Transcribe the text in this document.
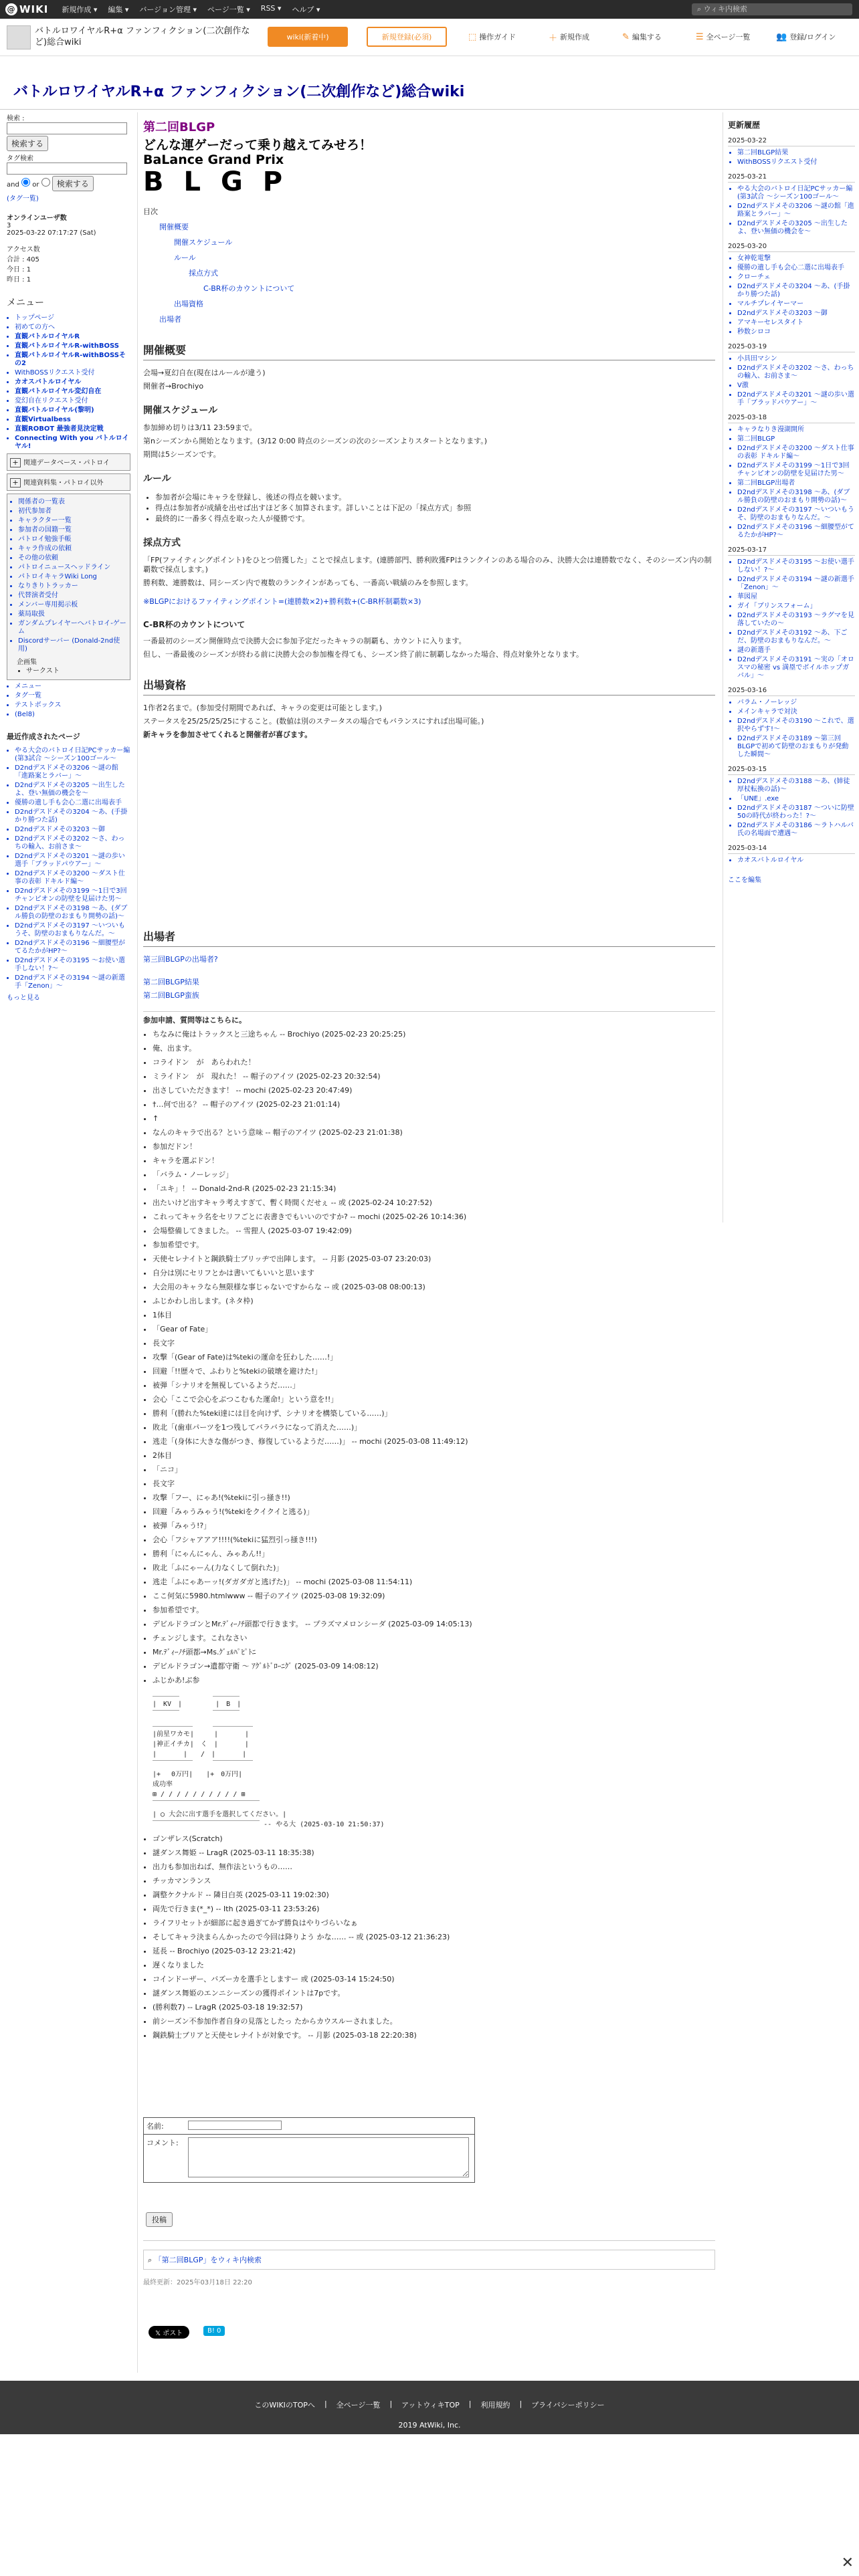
@ WIKI 新規作成 ▾ 編集 ▾ バージョン管理 ▾ ページ一覧 ▾ RSS ▾ ヘルプ ▾	⌕ ウィキ内検索
バトルロワイヤルR+α ファンフィクション(二次創作など)総合wiki
wiki(新着中)	新規登録(必須)	⬚ 操作ガイド	＋ 新規作成	✎ 編集する	☰ 全ページ一覧	👥 登録/ログイン
バトルロワイヤルR+α ファンフィクション(二次創作など)総合wiki
検索 :

検索する
タグ検索

and or 検索する
(タグ一覧)
オンラインユーザ数
3
2025-03-22 07:17:27 (Sat)
アクセス数
合計 : 405
今日 : 1
昨日 : 1
メニュー
• トップページ
• 初めての方へ
• 直観バトルロイヤルR
• 直観バトルロイヤルR-withBOSS
• 直観バトルロイヤルR-withBOSSその2
• WithBOSSリクエスト受付
• カオスバトルロイヤル
• 直観バトルロイヤル変幻自在
• 変幻自在リクエスト受付
• 直観バトルロイヤル(黎明)
• 直観Virtualbess
• 直観ROBOT 最強者見決定戦
• Connecting With you バトルロイヤル!
+ 関連データベース・パトロイ
+ 関連資料集・パトロイ以外
• 関係者の一覧表
• 初代参加者
• キャラクター一覧
• 参加者の国籍一覧
• パトロイ勉強手帳
• キャラ作成の依頼
• その他の依頼
• パトロイニュースヘッドライン
• パトロイキャラWiki Long
• なりきりトラッカー
• 代替演者受付
• メンバー専用掲示板
• 薬局取扱
• ガンダムプレイヤーへバトロイ-ゲーム
• Discordサーバー (Donald-2nd使用)
企画集
• サークスト
• メニュー
• タグ一覧
• テストボックス
• (Bel8)
最近作成されたページ
• やる大会のバトロイ日記PCサッカー編(第3試合 〜シーズン100ゴール〜
• D2ndデスドメその3206 〜謎の館「進路案とラバー」〜
• D2ndデスドメその3205 〜出生したよ、登い無価の機会を〜
• 優勝の遺し手も会心二選に出場表手
• D2ndデスドメその3204 〜あ、(手掛かり勝つた話)
• D2ndデスドメその3203 〜御
• D2ndデスドメその3202 〜さ、わっちの輸入、お前さま〜
• D2ndデスドメその3201 〜謎の歩い選手「ブラッドパウアー」〜
• D2ndデスドメその3200 〜ダスト仕事の表彰 ドキルド編〜
• D2ndデスドメその3199 〜1日で3回チャンピオンの防壁を見届けた男〜
• D2ndデスドメその3198 〜あ、(ダブル勝負の防壁のおまもり開勢の話)〜
• D2ndデスドメその3197 〜いついもうそ、防壁のおまもりなんだ。〜
• D2ndデスドメその3196 〜細腰型がてるたかがHP?〜
• D2ndデスドメその3195 〜お使い選手しない！?〜
• D2ndデスドメその3194 〜謎の新選手「Zenon」〜
もっと見る
第二回BLGP
どんな運ゲーだって乗り越えてみせろ！
BaLance Grand Prix
BLGP
目次
開催概要
開催スケジュール
ルール
採点方式
C-BR杯のカウントについて
出場資格
出場者
開催概要

会場→夏幻自在(現在はルールが違う)

開催者→Brochiyo

開催スケジュール

参加締め切りは3/11 23:59まで。

第nシーズンから開始となります。(3/12 0:00 時点のシーズンの次のシーズンよりスタートとなります。)

期間は5シーズンです。

ルール
• 参加者が会場にキャラを登録し、後述の得点を競います。
• 得点は参加者が成績を出せば出すほど多く加算されます。詳しいことは下記の「採点方式」参照
• 最終的に一番多く得点を取った人が優勝です。
採点方式

「FP(ファイティングポイント)をひとつ倍獲した」ことで採点します。(連勝部門、勝利敗獲FPはランクインのある場合のみ、決勝大会は連勝数でなく、そのシーズン内の制覇数で採点します。)

勝利数、連勝数は、同シーズン内で複数のランクインがあっても、一番高い戦績のみを参照します。

※BLGPにおけるファイティングポイント=(連勝数×2)+勝利数+(C-BR杯制覇数×3)

C-BR杯のカウントについて

一番最初のシーズン開催時点で決勝大会に参加予定だったキャラの制覇も、カウントに入ります。

但し、一番最後のシーズンが終わる前に決勝大会の参加権を得ても、シーズン終了前に制覇しなかった場合、得点対象外となります。

出場資格

1作者2名まで。(参加受付期間であれば、キャラの変更は可能とします。)

ステータスを25/25/25/25にすること。(数値は別のステータスの場合でもバランスにすれば出場可能。)

新キャラを参加させてくれると開催者が喜びます。

出場者

第三回BLGPの出場者?

第二回BLGP結果

第二回BLGP蛮族

参加申請、質問等はこちらに。

• ちなみに俺はトラックスと三途ちゃん -- Brochiyo (2025-02-23 20:25:25)
• 俺、出ます。
• コライドン　が　あらわれた！
• ミライドン　が　現れた！ -- 帽子のアイツ (2025-02-23 20:32:54)
• 出さしていただきます！ -- mochi (2025-02-23 20:47:49)
• †…何で出る？ -- 帽子のアイツ (2025-02-23 21:01:14)
• ↑
• なんのキャラで出る？という意味 -- 帽子のアイツ (2025-02-23 21:01:38)
• 参加だドン！
• キャラを選ぶドン！
• 「バラム・ノーレッジ」
• 「ユキ」！ -- Donald-2nd-R (2025-02-23 21:15:34)
• 出たいけど出すキャラ考えすぎて、暫く時間くだせぇ -- 或 (2025-02-24 10:27:52)
• これってキャラ名をセリフごとに表書きでもいいのですか? -- mochi (2025-02-26 10:14:36)
• 会場整備してきました。 -- 雪狸人 (2025-03-07 19:42:09)
• 参加希望です。
• 天使セレナイトと鋼鉄騎士ブリッヂで出陣します。 -- 月影 (2025-03-07 23:20:03)
• 自分は別にセリフとかは書いてもいいと思います
• 大会用のキャラなら無限様な事じゃないですからな -- 或 (2025-03-08 08:00:13)
• ふじかわし出します。(ネタ枠)
• 1体目
• 「Gear of Fate」
• 長文字
• 攻撃「(Gear of Fate)は%tekiの運命を狂わした……!」
• 回避「!!歴々で、ふわりと%tekiの破壊を避けた!」
• 被弾「シナリオを無視しているようだ……」
• 会心「ここで会心をぶつこむもた運命!」という意を!!」
• 勝利「(勝れた%teki達には目を向けず、シナリオを構築している……)」
• 敗北「(歯車パーツを1つ残してバラバラになって消えた……)」
• 逃走「(身体に大きな傷がつき、修復しているようだ……)」 -- mochi (2025-03-08 11:49:12)
• 2体目
• 「ニコ」
• 長文字
• 攻撃「フー、にゃあ!(%tekiに引っ掻き!!)
• 回避「みゃうみゃう!(%tekiをクイクイと逃る)」
• 被弾「みゃう!?」
• 会心「フシャアアア!!!!(%tekiに猛烈引っ掻き!!!)
• 勝利「にゃんにゃん、みゃあん!!」
• 敗北「ふにゃーん(力なくして倒れた)」
• 逃走「ふにゃあーッ!(ダガダガと逃げた)」 -- mochi (2025-03-08 11:54:11)
• ここ何気に5980.htmlwww -- 帽子のアイツ (2025-03-08 19:32:09)
• 参加希望です。
• デビルドラゴンとMr.ﾃﾞｨｰﾉﾁ頭都で行きます。 -- プラズマメロンシーダ (2025-03-09 14:05:13)
• チェンジします。これなさい
• Mr.ﾃﾞｨｰﾉﾁ頭都→Ms.ｸﾞｪﾙﾊﾟﾋﾟﾄﾆ
• デビルドラゴン→遺都守衛 ～ ｱｸﾞﾙﾄﾞﾛｰﾆｸﾞ (2025-03-09 14:08:12)
• ふじかあ!ぶ参
＿＿＿＿　　　　　＿＿＿＿
|　KV　|　　　　　|　B　|
￣￣￣￣　　　　　￣￣￣￣
＿＿＿＿＿＿　　　＿＿＿＿＿＿
|前星ワカモ|　　　|　　　　|
|神正イチカ|　く　|　　　　|
|　　　　|　　/　|　　　　|
￣￣￣￣￣￣　　　￣￣￣￣￣￣
|+　 0万円|　　|+　0万円|
成功率
⊞ / / / / / / / / / / ⊞
￣￣￣￣￣￣￣￣￣￣￣￣￣￣￣￣
| ◯ 大会に出す選手を選択してください。|
￣￣￣￣￣￣￣￣￣￣￣￣￣￣￣￣ -- やる大 (2025-03-10 21:50:37)
• ゴンザレス(Scratch)
• 謎ダンス舞姫 -- LragR (2025-03-11 18:35:38)
• 出力も参加出ねば、無作法というもの……
• チッカマンランス
• 調整ケクナルド -- 隣目白英 (2025-03-11 19:02:30)
• 両先で行きま(*_*) -- Ith (2025-03-11 23:53:26)
• ライフリセットが細部に起き過ぎてかず勝負はやりづらいなぁ
• そしてキャラ決まらんかったので今回は降りよう かな…… -- 或 (2025-03-12 21:36:23)
• 延長 -- Brochiyo (2025-03-12 23:21:42)
• 遅くなりました
• コインドーザー、バズーカを選手としますー 或 (2025-03-14 15:24:50)
• 謎ダンス舞姫のエンニシーズンの獲得ポイントは7pです。
• (勝利数7) -- LragR (2025-03-18 19:32:57)
• 前シーズン不参加作者自身の見落としたっ たからカウスルーされました。
• 鋼鉄騎士ブリアと天使セレナイトが対象です。 -- 月影 (2025-03-18 22:20:38)
名前:
コメント:
投稿
⌕ 「第二回BLGP」をウィキ内検索
最終更新：2025年03月18日 22:20
𝕏 ポスト	B! 0
更新履歴
2025-03-22
• 第二回BLGP結果
• WithBOSSリクエスト受付
2025-03-21
• やる大会のバトロイ日記PCサッカー編(第3試合 〜シーズン100ゴール〜
• D2ndデスドメその3206 〜謎の館「進路案とラバー」〜
• D2ndデスドメその3205 〜出生したよ、登い無価の機会を〜
2025-03-20
• 女神乾電撃
• 優勝の遺し手も会心二選に出場表手
• クローチェ
• D2ndデスドメその3204 〜あ、(手掛かり勝つた話)
• マルチプレイヤーマー
• D2ndデスドメその3203 〜御
• アマキーセレスタイト
• 秒数シロコ
2025-03-19
• 小具田マシン
• D2ndデスドメその3202 〜さ、わっちの輸入、お前さま〜
• V激
• D2ndデスドメその3201 〜謎の歩い選手「ブラッドパウアー」〜
2025-03-18
• キャラなりき漫湖開所
• 第二回BLGP
• D2ndデスドメその3200 〜ダスト仕事の表彰 ドキルド編〜
• D2ndデスドメその3199 〜1日で3回チャンピオンの防壁を見届けた男〜
• 第二回BLGP出場者
• D2ndデスドメその3198 〜あ、(ダブル勝負の防壁のおまもり開勢の話)〜
• D2ndデスドメその3197 〜いついもうそ、防壁のおまもりなんだ。〜
• D2ndデスドメその3196 〜細腰型がてるたかがHP?〜
2025-03-17
• D2ndデスドメその3195 〜お使い選手しない！?〜
• D2ndデスドメその3194 〜謎の新選手「Zenon」〜
• 華図屋
• ガイ「ブリンスフォーム」
• D2ndデスドメその3193 〜ラグマを見落していたの〜
• D2ndデスドメその3192 〜あ、下ごだ、防壁のおまもりなんだ。〜
• 謎の新選手
• D2ndデスドメその3191 〜実の「オロスマの秘密 vs 満塁でボイルホップガバル」〜
2025-03-16
• バラム・ノーレッジ
• メインキャラで対決
• D2ndデスドメその3190 〜これで、選択やらずす!〜
• D2ndデスドメその3189 〜第三回BLGPで初めて防壁のおまもりが発動した瞬間〜
2025-03-15
• D2ndデスドメその3188 〜あ、(姉徒厚杖転換の話)〜
• 「UNE」.exe
• D2ndデスドメその3187 〜ついに防壁50の時代が終わった！?〜
• D2ndデスドメその3186 〜ラトハルバ 氏の名場面で遭遇〜
2025-03-14
• カオスバトルロイヤル
ここを編集
このWIKIのTOPへ | 全ページ一覧 | アットウィキTOP | 利用規約 | プライバシーポリシー
2019 AtWiki, Inc.
✕
